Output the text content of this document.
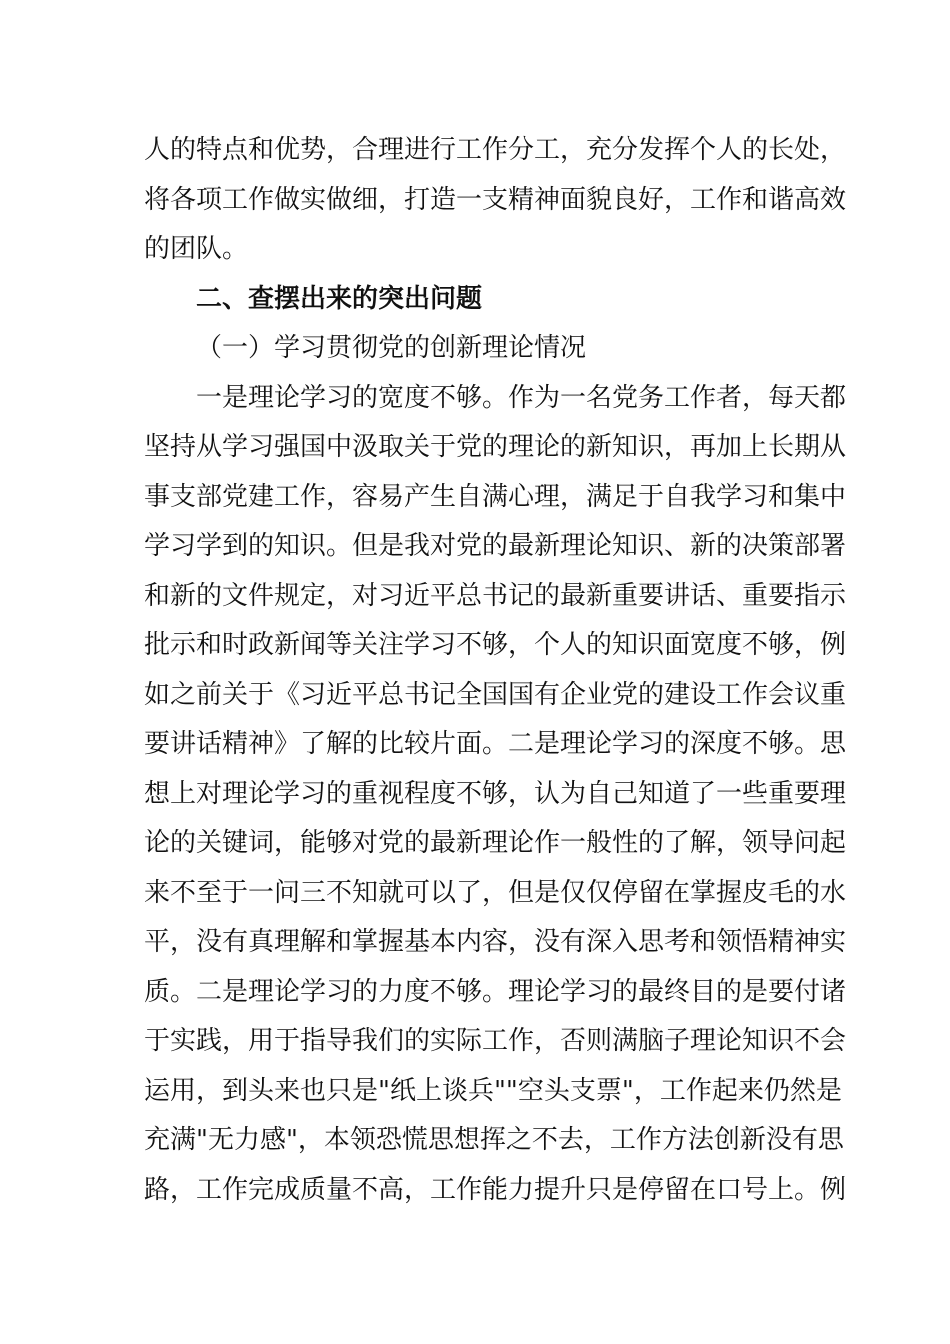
人的特点和优势，合理进行工作分工，充分发挥个人的长处，
将各项工作做实做细，打造一支精神面貌良好，工作和谐高效
的团队。
二、查摆出来的突出问题
（一）学习贯彻党的创新理论情况
一是理论学习的宽度不够。作为一名党务工作者，每天都
坚持从学习强国中汲取关于党的理论的新知识，再加上长期从
事支部党建工作，容易产生自满心理，满足于自我学习和集中
学习学到的知识。但是我对党的最新理论知识、新的决策部署
和新的文件规定，对习近平总书记的最新重要讲话、重要指示
批示和时政新闻等关注学习不够，个人的知识面宽度不够，例
如之前关于《习近平总书记全国国有企业党的建设工作会议重
要讲话精神》了解的比较片面。二是理论学习的深度不够。思
想上对理论学习的重视程度不够，认为自己知道了一些重要理
论的关键词，能够对党的最新理论作一般性的了解，领导问起
来不至于一问三不知就可以了，但是仅仅停留在掌握皮毛的水
平，没有真理解和掌握基本内容，没有深入思考和领悟精神实
质。二是理论学习的力度不够。理论学习的最终目的是要付诸
于实践，用于指导我们的实际工作，否则满脑子理论知识不会
运用，到头来也只是"纸上谈兵""空头支票"，工作起来仍然是
充满"无力感"，本领恐慌思想挥之不去，工作方法创新没有思
路，工作完成质量不高，工作能力提升只是停留在口号上。例
